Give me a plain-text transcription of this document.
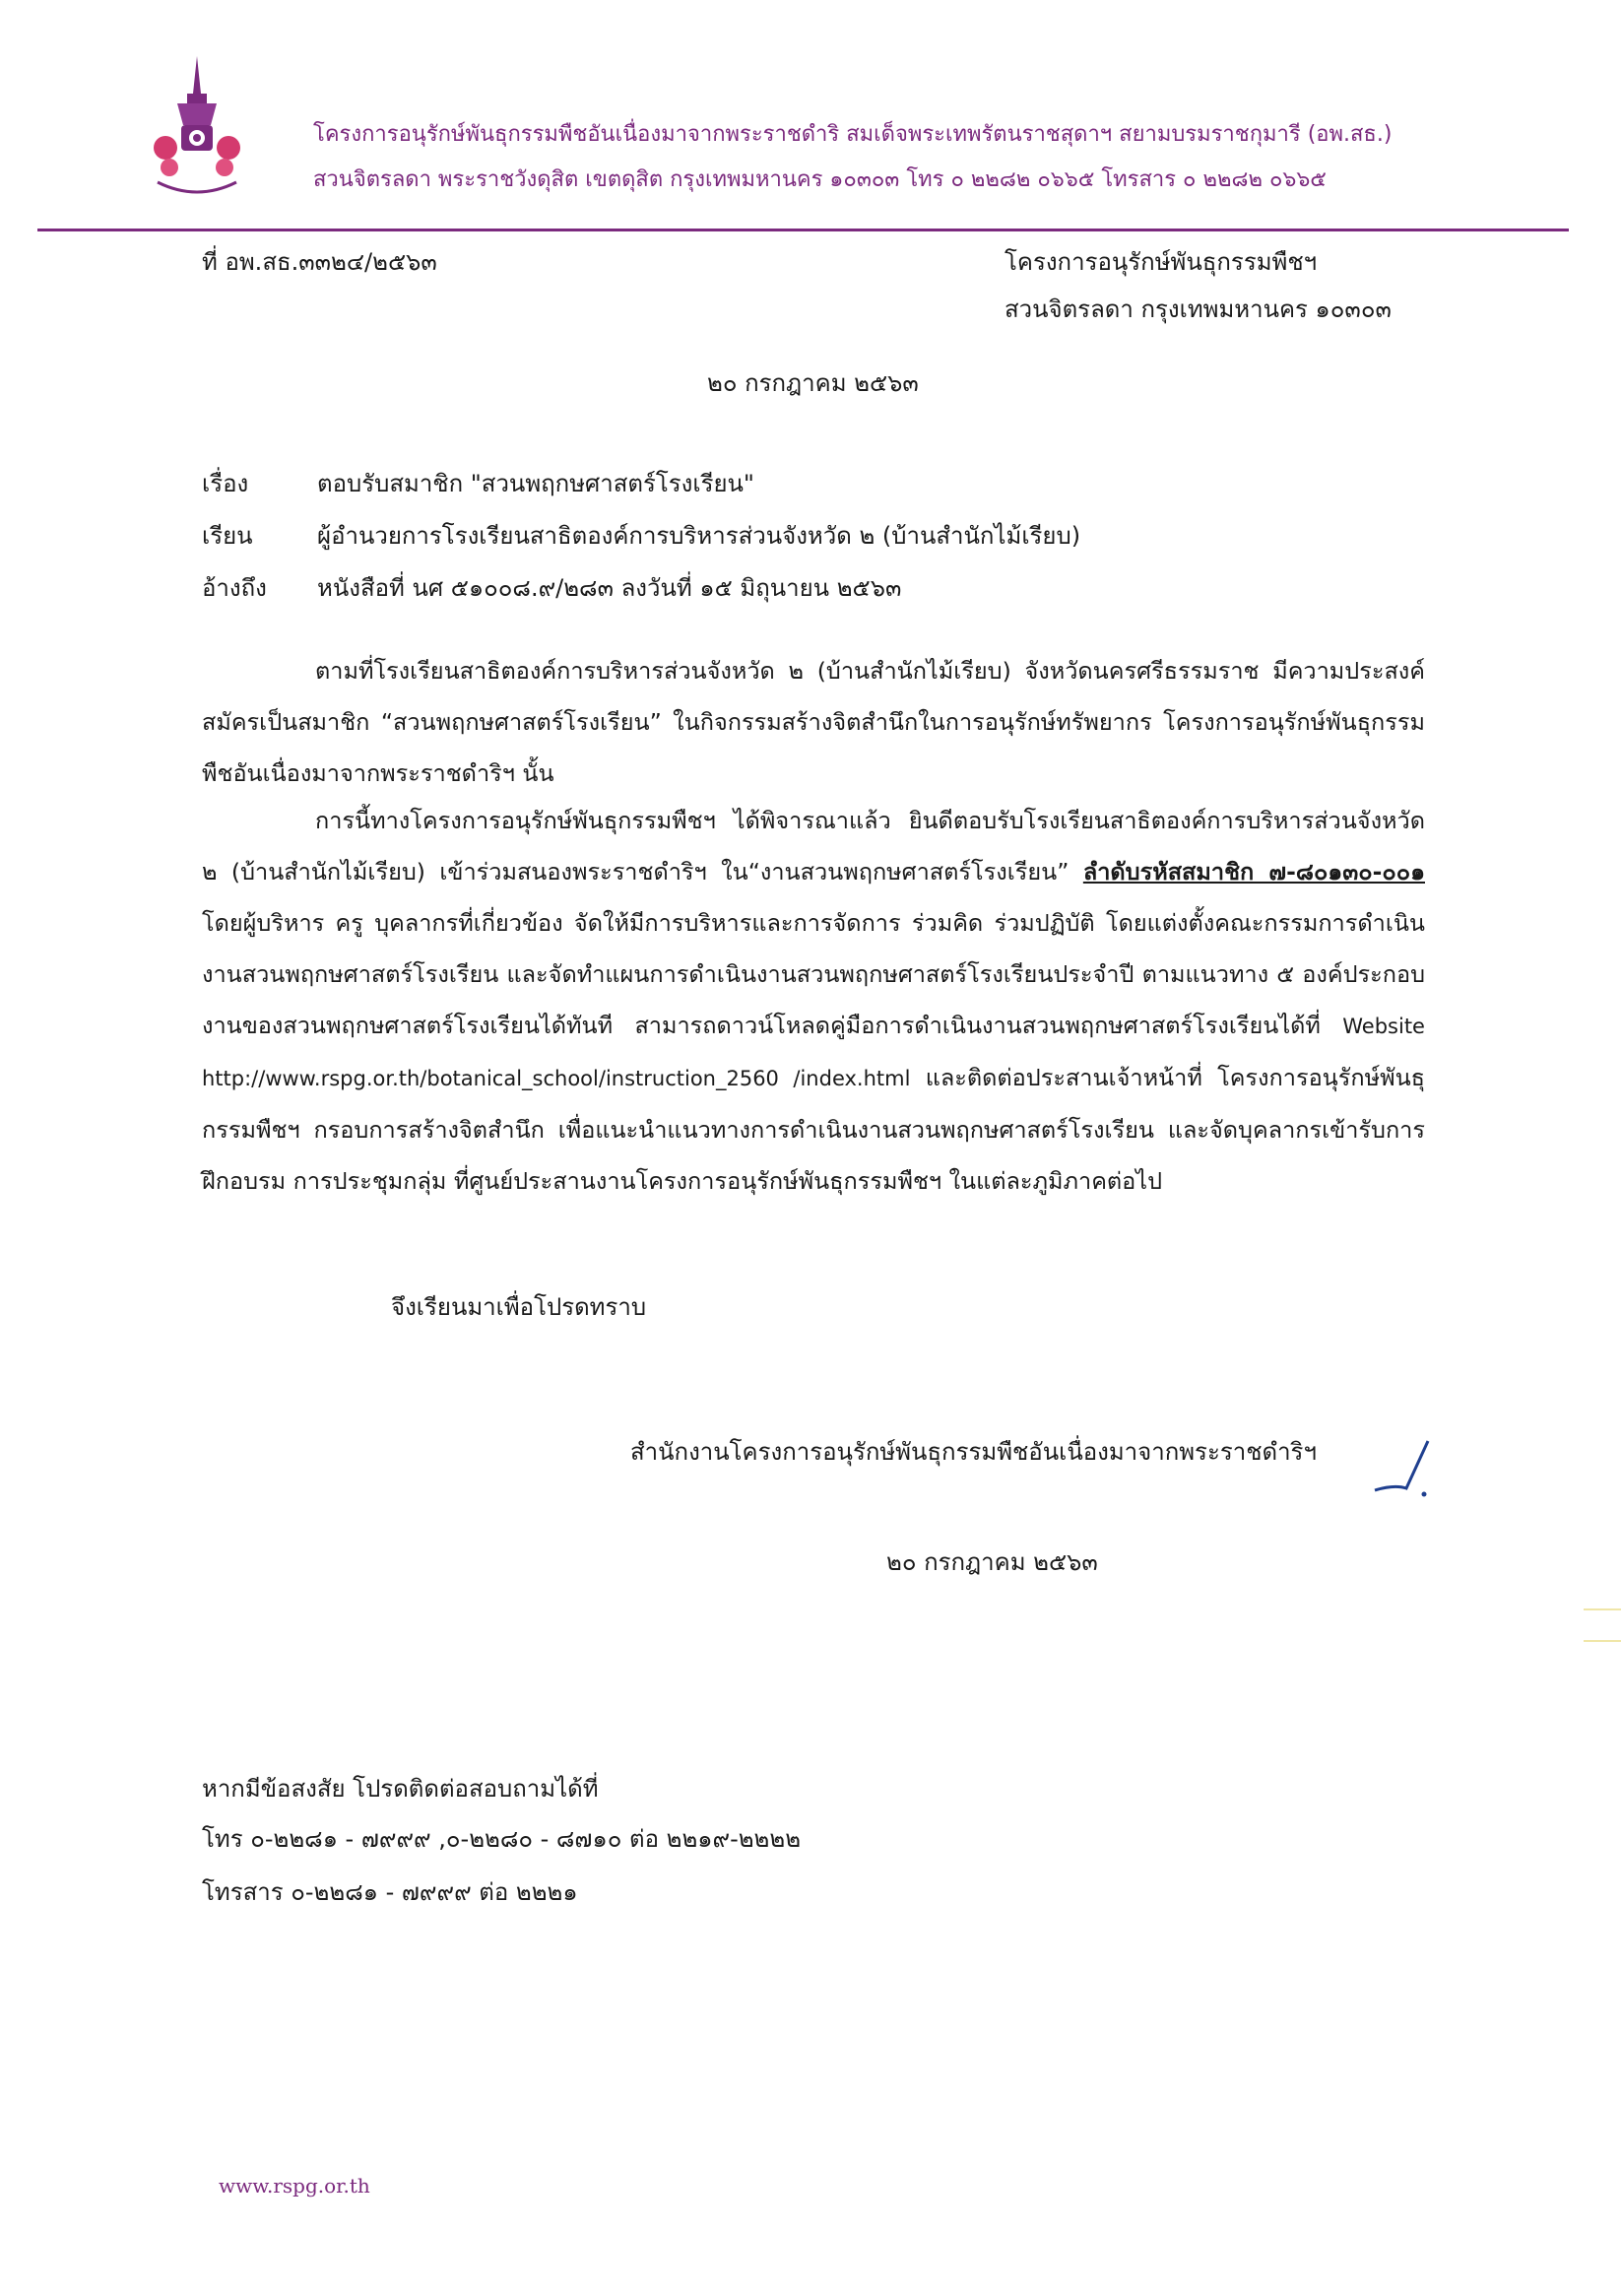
โครงการอนุรักษ์พันธุกรรมพืชอันเนื่องมาจากพระราชดำริ สมเด็จพระเทพรัตนราชสุดาฯ สยามบรมราชกุมารี (อพ.สธ.)
สวนจิตรลดา พระราชวังดุสิต เขตดุสิต กรุงเทพมหานคร ๑๐๓๐๓ โทร ๐ ๒๒๘๒ ๐๖๖๕ โทรสาร ๐ ๒๒๘๒ ๐๖๖๕
ที่ อพ.สธ.๓๓๒๔/๒๕๖๓	โครงการอนุรักษ์พันธุกรรมพืชฯ
สวนจิตรลดา กรุงเทพมหานคร ๑๐๓๐๓
๒๐ กรกฎาคม ๒๕๖๓
เรื่อง	ตอบรับสมาชิก "สวนพฤกษศาสตร์โรงเรียน"
เรียน	ผู้อำนวยการโรงเรียนสาธิตองค์การบริหารส่วนจังหวัด ๒ (บ้านสำนักไม้เรียบ)
อ้างถึง หนังสือที่ นศ ๕๑๐๐๘.๙/๒๘๓ ลงวันที่ ๑๕ มิถุนายน ๒๕๖๓
ตามที่โรงเรียนสาธิตองค์การบริหารส่วนจังหวัด ๒ (บ้านสำนักไม้เรียบ) จังหวัดนครศรีธรรมราช มีความประสงค์สมัครเป็นสมาชิก “สวนพฤกษศาสตร์โรงเรียน” ในกิจกรรมสร้างจิตสำนึกในการอนุรักษ์ทรัพยากร โครงการอนุรักษ์พันธุกรรมพืชอันเนื่องมาจากพระราชดำริฯ นั้น
การนี้ทางโครงการอนุรักษ์พันธุกรรมพืชฯ ได้พิจารณาแล้ว ยินดีตอบรับโรงเรียนสาธิตองค์การบริหารส่วนจังหวัด ๒ (บ้านสำนักไม้เรียบ) เข้าร่วมสนองพระราชดำริฯ ใน“งานสวนพฤกษศาสตร์โรงเรียน” ลำดับรหัสสมาชิก ๗-๘๐๑๓๐-๐๐๑ โดยผู้บริหาร ครู บุคลากรที่เกี่ยวข้อง จัดให้มีการบริหารและการจัดการ ร่วมคิด ร่วมปฏิบัติ โดยแต่งตั้งคณะกรรมการดำเนินงานสวนพฤกษศาสตร์โรงเรียน และจัดทำแผนการดำเนินงานสวนพฤกษศาสตร์โรงเรียนประจำปี ตามแนวทาง ๕ องค์ประกอบงานของสวนพฤกษศาสตร์โรงเรียนได้ทันที สามารถดาวน์โหลดคู่มือการดำเนินงานสวนพฤกษศาสตร์โรงเรียนได้ที่ Website http://www.rspg.or.th/botanical_school/instruction_2560 /index.html และติดต่อประสานเจ้าหน้าที่ โครงการอนุรักษ์พันธุกรรมพืชฯ กรอบการสร้างจิตสำนึก เพื่อแนะนำแนวทางการดำเนินงานสวนพฤกษศาสตร์โรงเรียน และจัดบุคลากรเข้ารับการฝึกอบรม การประชุมกลุ่ม ที่ศูนย์ประสานงานโครงการอนุรักษ์พันธุกรรมพืชฯ ในแต่ละภูมิภาคต่อไป
จึงเรียนมาเพื่อโปรดทราบ
สำนักงานโครงการอนุรักษ์พันธุกรรมพืชอันเนื่องมาจากพระราชดำริฯ
๒๐ กรกฎาคม ๒๕๖๓
หากมีข้อสงสัย โปรดติดต่อสอบถามได้ที่
โทร ๐-๒๒๘๑ - ๗๙๙๙ ,๐-๒๒๘๐ - ๘๗๑๐ ต่อ ๒๒๑๙-๒๒๒๒
โทรสาร ๐-๒๒๘๑ - ๗๙๙๙ ต่อ ๒๒๒๑
www.rspg.or.th
